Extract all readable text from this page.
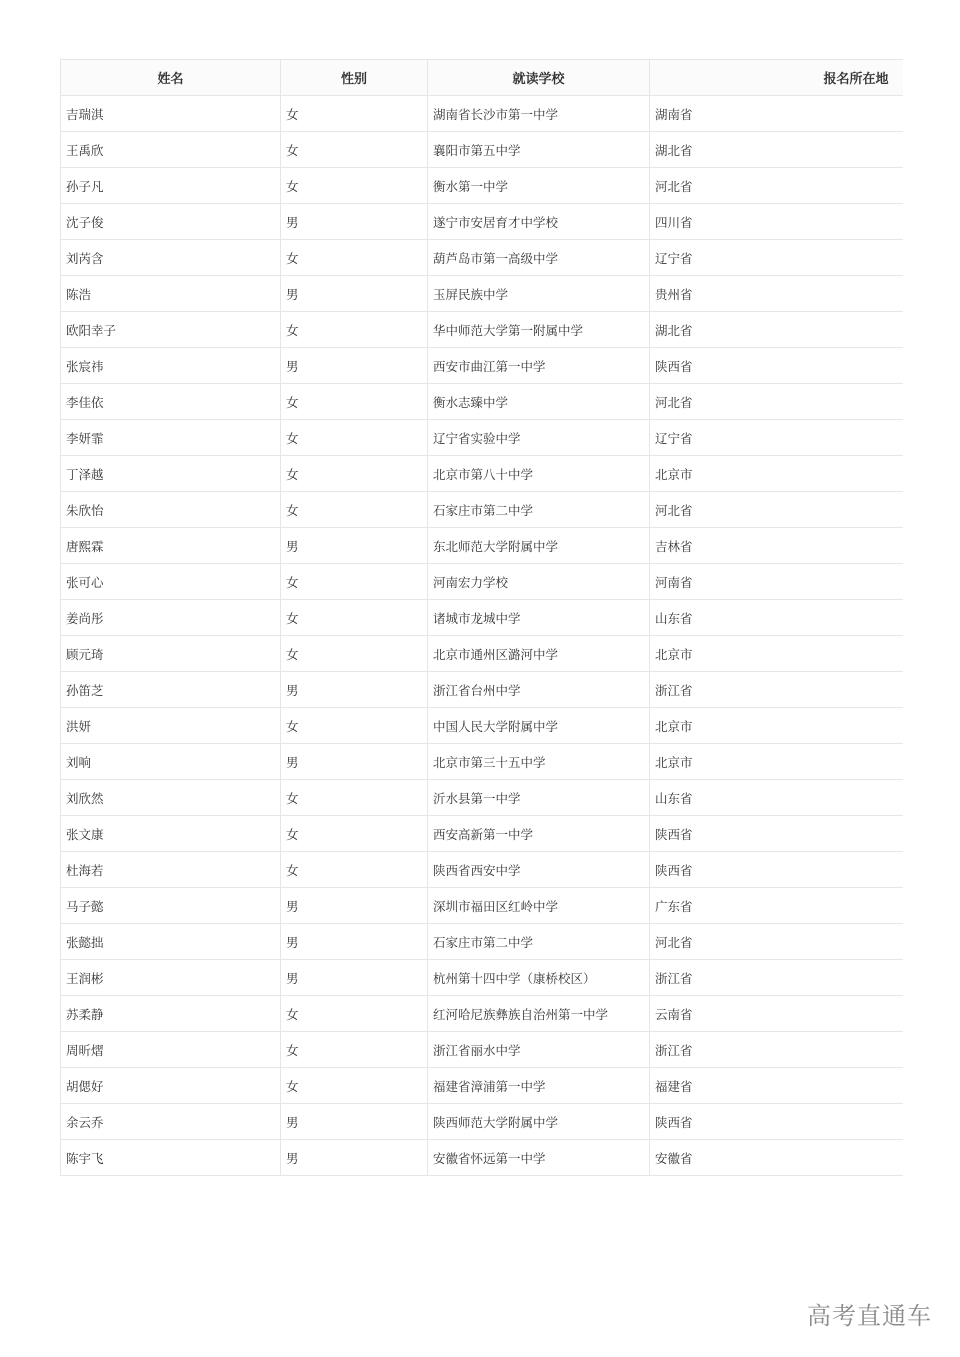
姓名	性别	就读学校	报名所在地
吉瑞淇	女	湖南省长沙市第一中学	湖南省
王禹欣	女	襄阳市第五中学	湖北省
孙子凡	女	衡水第一中学	河北省
沈子俊	男	遂宁市安居育才中学校	四川省
刘芮含	女	葫芦岛市第一高级中学	辽宁省
陈浩	男	玉屏民族中学	贵州省
欧阳幸子	女	华中师范大学第一附属中学	湖北省
张宸祎	男	西安市曲江第一中学	陕西省
李佳依	女	衡水志臻中学	河北省
李妍霏	女	辽宁省实验中学	辽宁省
丁泽越	女	北京市第八十中学	北京市
朱欣怡	女	石家庄市第二中学	河北省
唐熙霖	男	东北师范大学附属中学	吉林省
张可心	女	河南宏力学校	河南省
姜尚彤	女	诸城市龙城中学	山东省
顾元琦	女	北京市通州区潞河中学	北京市
孙笛芝	男	浙江省台州中学	浙江省
洪妍	女	中国人民大学附属中学	北京市
刘响	男	北京市第三十五中学	北京市
刘欣然	女	沂水县第一中学	山东省
张文康	女	西安高新第一中学	陕西省
杜海若	女	陕西省西安中学	陕西省
马子懿	男	深圳市福田区红岭中学	广东省
张懿拙	男	石家庄市第二中学	河北省
王润彬	男	杭州第十四中学（康桥校区）	浙江省
苏柔静	女	红河哈尼族彝族自治州第一中学	云南省
周昕熠	女	浙江省丽水中学	浙江省
胡偲好	女	福建省漳浦第一中学	福建省
余云乔	男	陕西师范大学附属中学	陕西省
陈宇飞	男	安徽省怀远第一中学	安徽省
高考直通车
